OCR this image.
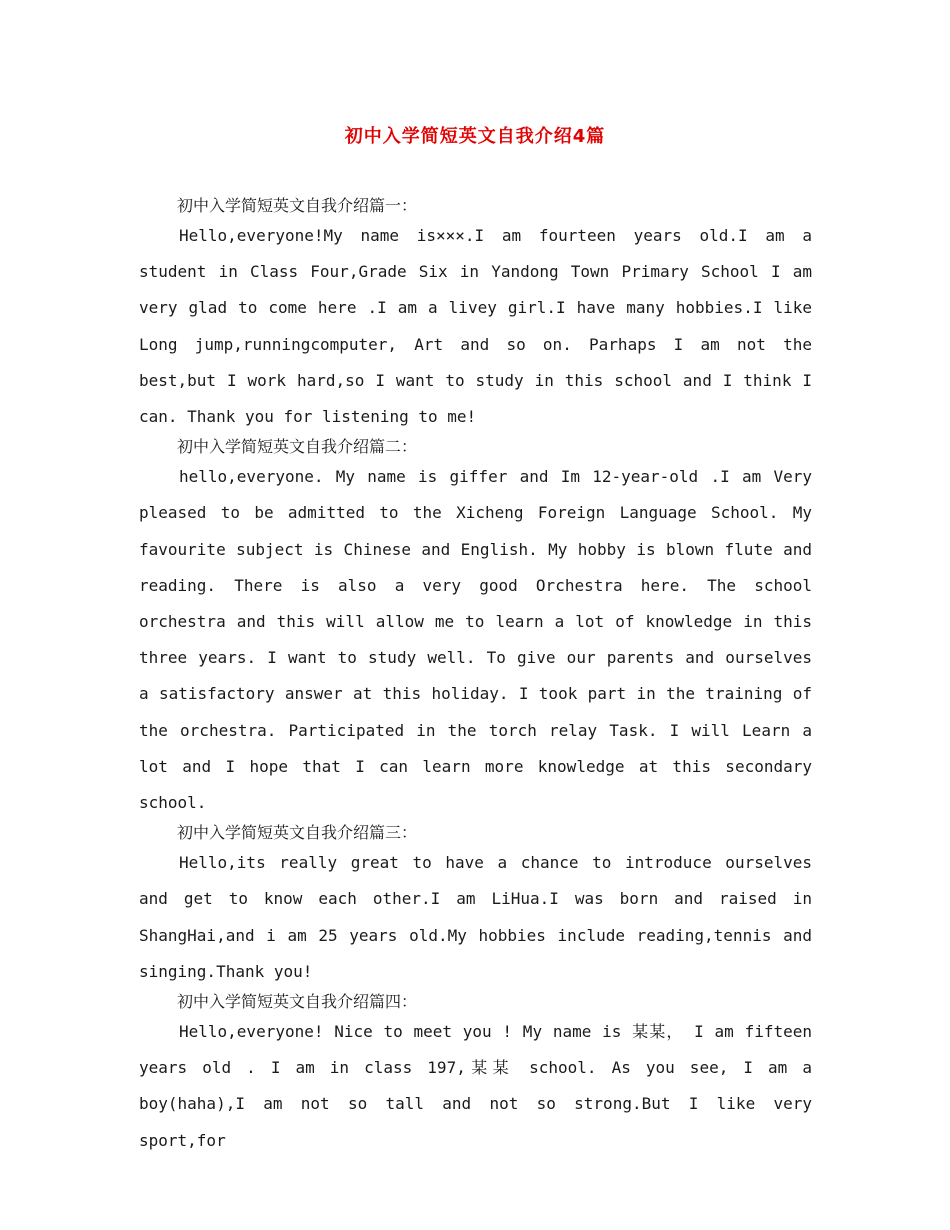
初中入学简短英文自我介绍4篇
初中入学简短英文自我介绍篇一：

Hello,everyone!My name is×××.I am fourteen years old.I am a student in Class Four,Grade Six in Yandong Town Primary School I am very glad to come here .I am a livey girl.I have many hobbies.I like Long jump,runningcomputer, Art and so on. Parhaps I am not the best,but I work hard,so I want to study in this school and I think I can. Thank you for listening to me!

初中入学简短英文自我介绍篇二：

hello,everyone. My name is giffer and Im 12-year-old .I am Very pleased to be admitted to the Xicheng Foreign Language School. My favourite subject is Chinese and English. My hobby is blown flute and reading. There is also a very good Orchestra here. The school orchestra and this will allow me to learn a lot of knowledge in this three years. I want to study well. To give our parents and ourselves a satisfactory answer at this holiday. I took part in the training of the orchestra. Participated in the torch relay Task. I will Learn a lot and I hope that I can learn more knowledge at this secondary school.

初中入学简短英文自我介绍篇三：

Hello,its really great to have a chance to introduce ourselves and get to know each other.I am LiHua.I was born and raised in ShangHai,and i am 25 years old.My hobbies include reading,tennis and singing.Thank you!

初中入学简短英文自我介绍篇四：

Hello,everyone! Nice to meet you ! My name is 某某， I am fifteen years old . I am in class 197,某某 school. As you see, I am a boy(haha),I am not so tall and not so strong.But I like very sport,for
